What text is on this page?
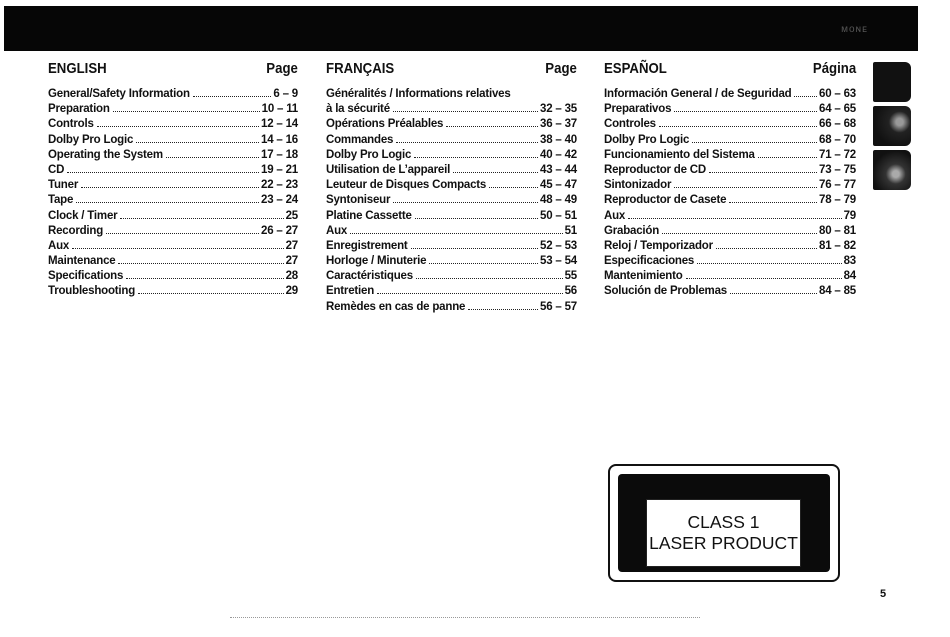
ᴍᴏɴᴇ
ENGLISH	Page
General/Safety Information	6 – 9
Preparation	10 – 11
Controls	12 – 14
Dolby Pro Logic	14 – 16
Operating the System	17 – 18
CD	19 – 21
Tuner	22 – 23
Tape	23 – 24
Clock / Timer	25
Recording	26 – 27
Aux	27
Maintenance	27
Specifications	28
Troubleshooting	29
FRANÇAIS	Page
Généralités / Informations relatives
à la sécurité	32 – 35
Opérations Préalables	36 – 37
Commandes	38 – 40
Dolby Pro Logic	40 – 42
Utilisation de L’appareil	43 – 44
Leuteur de Disques Compacts	45 – 47
Syntoniseur	48 – 49
Platine Cassette	50 – 51
Aux	51
Enregistrement	52 – 53
Horloge / Minuterie	53 – 54
Caractéristiques	55
Entretien	56
Remèdes en cas de panne	56 – 57
ESPAÑOL	Página
Información General / de Seguridad 60 – 63
Preparativos	64 – 65
Controles	66 – 68
Dolby Pro Logic	68 – 70
Funcionamiento del Sistema	71 – 72
Reproductor de CD	73 – 75
Sintonizador	76 – 77
Reproductor de Casete	78 – 79
Aux	79
Grabación	80 – 81
Reloj / Temporizador	81 – 82
Especificaciones	83
Mantenimiento	84
Solución de Problemas	84 – 85
CLASS 1
LASER PRODUCT
5
